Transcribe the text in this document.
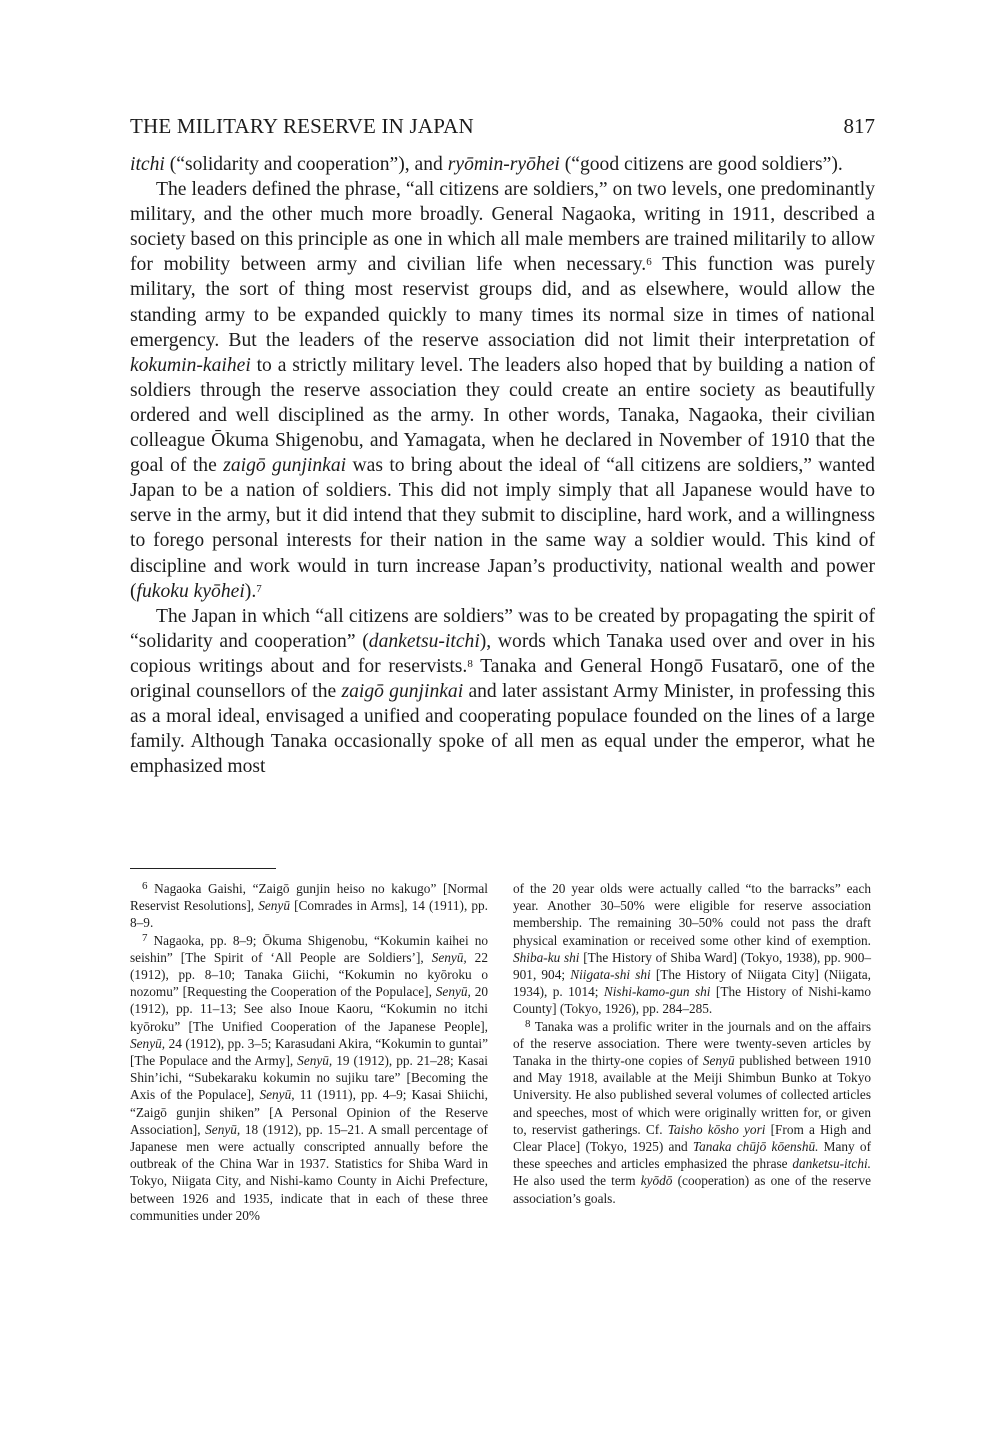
THE MILITARY RESERVE IN JAPAN	817

itchi (“solidarity and cooperation”), and ryōmin-ryōhei (“good citizens are good soldiers”).

The leaders defined the phrase, “all citizens are soldiers,” on two levels, one predominantly military, and the other much more broadly. General Nagaoka, writing in 1911, described a society based on this principle as one in which all male members are trained militarily to allow for mobility between army and civilian life when necessary.$^6$ This function was purely military, the sort of thing most reservist groups did, and as elsewhere, would allow the standing army to be expanded quickly to many times its normal size in times of national emergency. But the leaders of the reserve association did not limit their interpretation of kokumin-kaihei to a strictly military level. The leaders also hoped that by building a nation of soldiers through the reserve association they could create an entire society as beautifully ordered and well disciplined as the army. In other words, Tanaka, Nagaoka, their civilian colleague Ōkuma Shigenobu, and Yamagata, when he declared in November of 1910 that the goal of the zaigō gunjinkai was to bring about the ideal of “all citizens are soldiers,” wanted Japan to be a nation of soldiers. This did not imply simply that all Japanese would have to serve in the army, but it did intend that they submit to discipline, hard work, and a willingness to forego personal interests for their nation in the same way a soldier would. This kind of discipline and work would in turn increase Japan’s productivity, national wealth and power (fukoku kyōhei).$^7$

The Japan in which “all citizens are soldiers” was to be created by propagating the spirit of “solidarity and cooperation” (danketsu-itchi), words which Tanaka used over and over in his copious writings about and for reservists.$^8$ Tanaka and General Hongō Fusatarō, one of the original counsellors of the zaigō gunjinkai and later assistant Army Minister, in professing this as a moral ideal, envisaged a unified and cooperating populace founded on the lines of a large family. Although Tanaka occasionally spoke of all men as equal under the emperor, what he emphasized most

$^6$ Nagaoka Gaishi, “Zaigō gunjin heiso no kakugo” [Normal Reservist Resolutions], Senyū [Comrades in Arms], 14 (1911), pp. 8–9.

$^7$ Nagaoka, pp. 8–9; Ōkuma Shigenobu, “Kokumin kaihei no seishin” [The Spirit of ‘All People are Soldiers’], Senyū, 22 (1912), pp. 8–10; Tanaka Giichi, “Kokumin no kyōroku o nozomu” [Requesting the Cooperation of the Populace], Senyū, 20 (1912), pp. 11–13; See also Inoue Kaoru, “Kokumin no itchi kyōroku” [The Unified Cooperation of the Japanese People], Senyū, 24 (1912), pp. 3–5; Karasudani Akira, “Kokumin to guntai” [The Populace and the Army], Senyū, 19 (1912), pp. 21–28; Kasai Shin’ichi, “Subekaraku kokumin no sujiku tare” [Becoming the Axis of the Populace], Senyū, 11 (1911), pp. 4–9; Kasai Shiichi, “Zaigō gunjin shiken” [A Personal Opinion of the Reserve Association], Senyū, 18 (1912), pp. 15–21. A small percentage of Japanese men were actually conscripted annually before the outbreak of the China War in 1937. Statistics for Shiba Ward in Tokyo, Niigata City, and Nishi-kamo County in Aichi Prefecture, between 1926 and 1935, indicate that in each of these three communities under 20%

of the 20 year olds were actually called “to the barracks” each year. Another 30–50% were eligible for reserve association membership. The remaining 30–50% could not pass the draft physical examination or received some other kind of exemption. Shiba-ku shi [The History of Shiba Ward] (Tokyo, 1938), pp. 900–901, 904; Niigata-shi shi [The History of Niigata City] (Niigata, 1934), p. 1014; Nishi-kamo-gun shi [The History of Nishi-kamo County] (Tokyo, 1926), pp. 284–285.

$^8$ Tanaka was a prolific writer in the journals and on the affairs of the reserve association. There were twenty-seven articles by Tanaka in the thirty-one copies of Senyū published between 1910 and May 1918, available at the Meiji Shimbun Bunko at Tokyo University. He also published several volumes of collected articles and speeches, most of which were originally written for, or given to, reservist gatherings. Cf. Taisho kōsho yori [From a High and Clear Place] (Tokyo, 1925) and Tanaka chūjō kōenshū. Many of these speeches and articles emphasized the phrase danketsu-itchi. He also used the term kyōdō (cooperation) as one of the reserve association’s goals.
